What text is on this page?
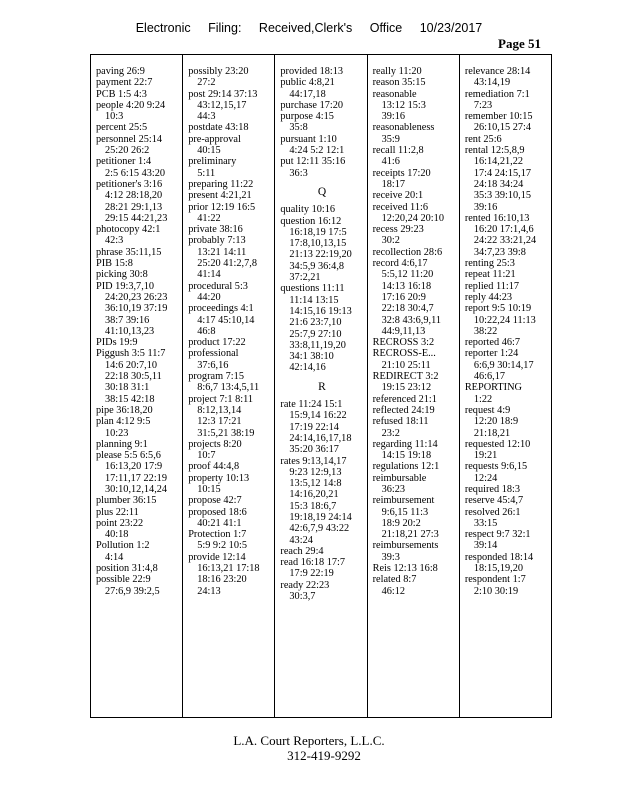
Electronic Filing: Received,Clerk's Office 10/23/2017
Page 51
paving 26:9
payment 22:7
PCB 1:5 4:3
people 4:20 9:24
10:3
percent 25:5
personnel 25:14
25:20 26:2
petitioner 1:4
2:5 6:15 43:20
petitioner's 3:16
4:12 28:18,20
28:21 29:1,13
29:15 44:21,23
photocopy 42:1
42:3
phrase 35:11,15
PIB 15:8
picking 30:8
PID 19:3,7,10
24:20,23 26:23
36:10,19 37:19
38:7 39:16
41:10,13,23
PIDs 19:9
Piggush 3:5 11:7
14:6 20:7,10
22:18 30:5,11
30:18 31:1
38:15 42:18
pipe 36:18,20
plan 4:12 9:5
10:23
planning 9:1
please 5:5 6:5,6
16:13,20 17:9
17:11,17 22:19
30:10,12,14,24
plumber 36:15
plus 22:11
point 23:22
40:18
Pollution 1:2
4:14
position 31:4,8
possible 22:9
27:6,9 39:2,5
possibly 23:20
27:2
post 29:14 37:13
43:12,15,17
44:3
postdate 43:18
pre-approval
40:15
preliminary
5:11
preparing 11:22
present 4:21,21
prior 12:19 16:5
41:22
private 38:16
probably 7:13
13:21 14:11
25:20 41:2,7,8
41:14
procedural 5:3
44:20
proceedings 4:1
4:17 45:10,14
46:8
product 17:22
professional
37:6,16
program 7:15
8:6,7 13:4,5,11
project 7:1 8:11
8:12,13,14
12:3 17:21
31:5,21 38:19
projects 8:20
10:7
proof 44:4,8
property 10:13
10:15
propose 42:7
proposed 18:6
40:21 41:1
Protection 1:7
5:9 9:2 10:5
provide 12:14
16:13,21 17:18
18:16 23:20
24:13
provided 18:13
public 4:8,21
44:17,18
purchase 17:20
purpose 4:15
35:8
pursuant 1:10
4:24 5:2 12:1
put 12:11 35:16
36:3
Q
quality 10:16
question 16:12
16:18,19 17:5
17:8,10,13,15
21:13 22:19,20
34:5,9 36:4,8
37:2,21
questions 11:11
11:14 13:15
14:15,16 19:13
21:6 23:7,10
25:7,9 27:10
33:8,11,19,20
34:1 38:10
42:14,16
R
rate 11:24 15:1
15:9,14 16:22
17:19 22:14
24:14,16,17,18
35:20 36:17
rates 9:13,14,17
9:23 12:9,13
13:5,12 14:8
14:16,20,21
15:3 18:6,7
19:18,19 24:14
42:6,7,9 43:22
43:24
reach 29:4
read 16:18 17:7
17:9 22:19
ready 22:23
30:3,7
really 11:20
reason 35:15
reasonable
13:12 15:3
39:16
reasonableness
35:9
recall 11:2,8
41:6
receipts 17:20
18:17
receive 20:1
received 11:6
12:20,24 20:10
recess 29:23
30:2
recollection 28:6
record 4:6,17
5:5,12 11:20
14:13 16:18
17:16 20:9
22:18 30:4,7
32:8 43:6,9,11
44:9,11,13
RECROSS 3:2
RECROSS-E...
21:10 25:11
REDIRECT 3:2
19:15 23:12
referenced 21:1
reflected 24:19
refused 18:11
23:2
regarding 11:14
14:15 19:18
regulations 12:1
reimbursable
36:23
reimbursement
9:6,15 11:3
18:9 20:2
21:18,21 27:3
reimbursements
39:3
Reis 12:13 16:8
related 8:7
46:12
relevance 28:14
43:14,19
remediation 7:1
7:23
remember 10:15
26:10,15 27:4
rent 25:6
rental 12:5,8,9
16:14,21,22
17:4 24:15,17
24:18 34:24
35:3 39:10,15
39:16
rented 16:10,13
16:20 17:1,4,6
24:22 33:21,24
34:7,23 39:8
renting 25:3
repeat 11:21
replied 11:17
reply 44:23
report 9:5 10:19
10:22,24 11:13
38:22
reported 46:7
reporter 1:24
6:6,9 30:14,17
46:6,17
REPORTING
1:22
request 4:9
12:20 18:9
21:18,21
requested 12:10
19:21
requests 9:6,15
12:24
required 18:3
reserve 45:4,7
resolved 26:1
33:15
respect 9:7 32:1
39:14
responded 18:14
18:15,19,20
respondent 1:7
2:10 30:19
L.A. Court Reporters, L.L.C.

312-419-9292
